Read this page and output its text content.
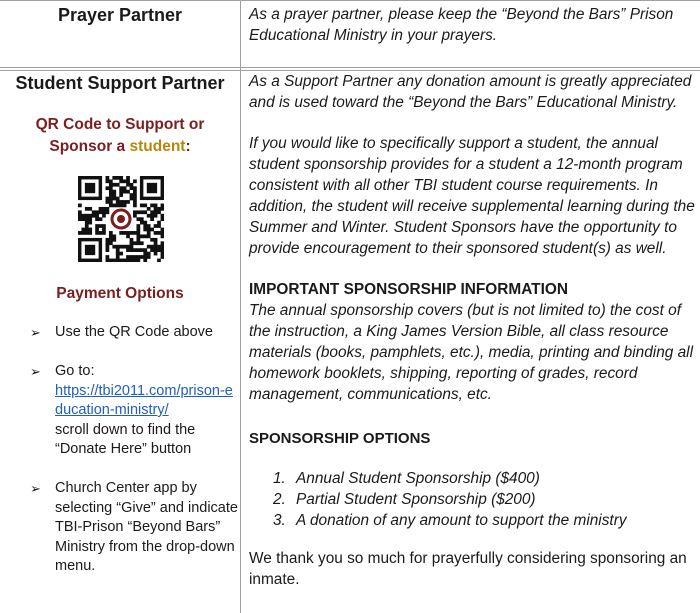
Prayer Partner	As a prayer partner, please keep the “Beyond the Bars” Prison Educational Ministry in your prayers.
Student Support Partner
QR Code to Support or
Sponsor a student:
Payment Options
➢ Use the QR Code above
➢ Go to:
https://tbi2011.com/prison-education-ministry/
scroll down to find the “Donate Here” button
➢ Church Center app by selecting “Give” and indicate TBI-Prison “Beyond Bars” Ministry from the drop-down menu.
As a Support Partner any donation amount is greatly appreciated and is used toward the “Beyond the Bars” Educational Ministry.
If you would like to specifically support a student, the annual student sponsorship provides for a student a 12-month program consistent with all other TBI student course requirements. In addition, the student will receive supplemental learning during the Summer and Winter. Student Sponsors have the opportunity to provide encouragement to their sponsored student(s) as well.
IMPORTANT SPONSORSHIP INFORMATION
The annual sponsorship covers (but is not limited to) the cost of the instruction, a King James Version Bible, all class resource materials (books, pamphlets, etc.), media, printing and binding all homework booklets, shipping, reporting of grades, record management, communications, etc.
SPONSORSHIP OPTIONS
1. Annual Student Sponsorship ($400)
2. Partial Student Sponsorship ($200)
3. A donation of any amount to support the ministry
We thank you so much for prayerfully considering sponsoring an inmate.
